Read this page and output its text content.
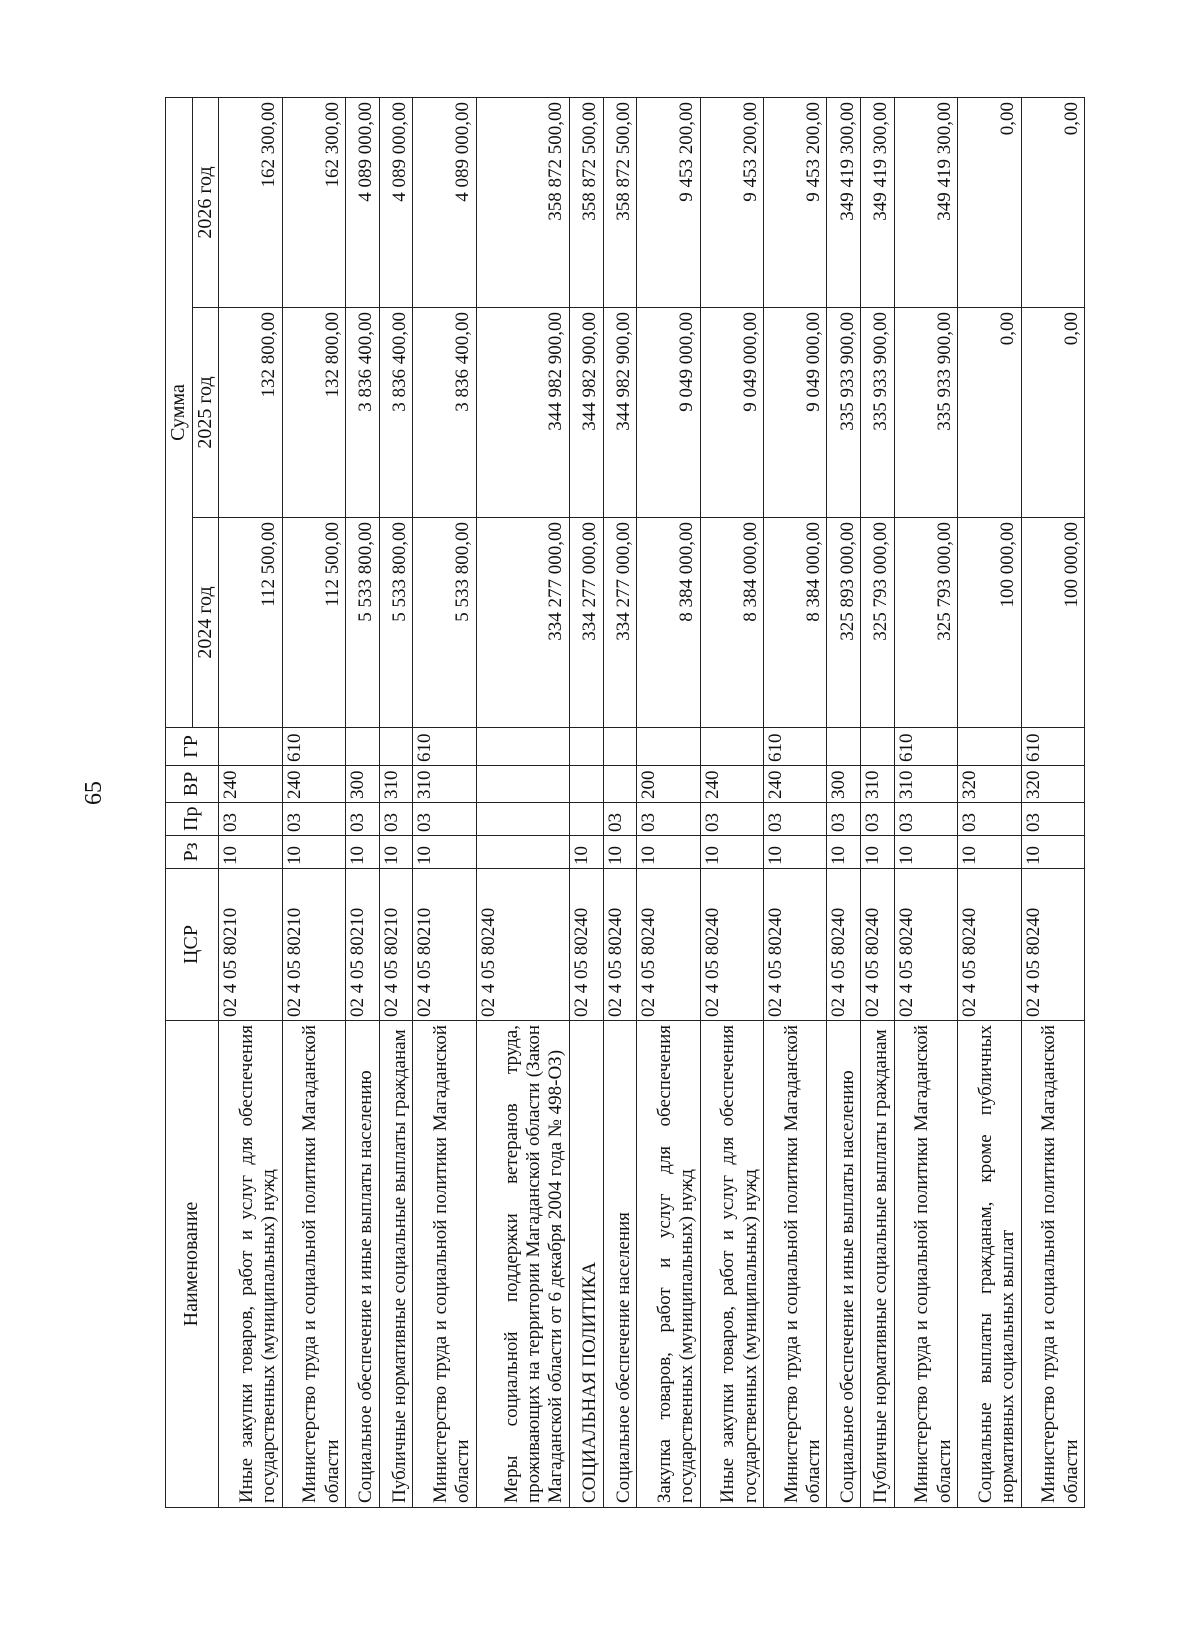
65
Наименование	ЦСР	Рз	Пр	ВР	ГР	Сумма		
						2024 год	2025 год	2026 год
Иные закупки товаров, работ и услуг для обеспечения государственных (муниципальных) нужд	02 4 05 80210	10	03	240		112 500,00	132 800,00	162 300,00
Министерство труда и социальной политики Магаданской области	02 4 05 80210	10	03	240	610	112 500,00	132 800,00	162 300,00
Социальное обеспечение и иные выплаты населению	02 4 05 80210	10	03	300		5 533 800,00	3 836 400,00	4 089 000,00
Публичные нормативные социальные выплаты гражданам	02 4 05 80210	10	03	310		5 533 800,00	3 836 400,00	4 089 000,00
Министерство труда и социальной политики Магаданской области	02 4 05 80210	10	03	310	610	5 533 800,00	3 836 400,00	4 089 000,00
Меры социальной поддержки ветеранов труда, проживающих на территории Магаданской области (Закон Магаданской области от 6 декабря 2004 года № 498-ОЗ)	02 4 05 80240					334 277 000,00	344 982 900,00	358 872 500,00
СОЦИАЛЬНАЯ ПОЛИТИКА	02 4 05 80240	10				334 277 000,00	344 982 900,00	358 872 500,00
Социальное обеспечение населения	02 4 05 80240	10	03			334 277 000,00	344 982 900,00	358 872 500,00
Закупка товаров, работ и услуг для обеспечения государственных (муниципальных) нужд	02 4 05 80240	10	03	200		8 384 000,00	9 049 000,00	9 453 200,00
Иные закупки товаров, работ и услуг для обеспечения государственных (муниципальных) нужд	02 4 05 80240	10	03	240		8 384 000,00	9 049 000,00	9 453 200,00
Министерство труда и социальной политики Магаданской области	02 4 05 80240	10	03	240	610	8 384 000,00	9 049 000,00	9 453 200,00
Социальное обеспечение и иные выплаты населению	02 4 05 80240	10	03	300		325 893 000,00	335 933 900,00	349 419 300,00
Публичные нормативные социальные выплаты гражданам	02 4 05 80240	10	03	310		325 793 000,00	335 933 900,00	349 419 300,00
Министерство труда и социальной политики Магаданской области	02 4 05 80240	10	03	310	610	325 793 000,00	335 933 900,00	349 419 300,00
Социальные выплаты гражданам, кроме публичных нормативных социальных выплат	02 4 05 80240	10	03	320		100 000,00	0,00	0,00
Министерство труда и социальной политики Магаданской области	02 4 05 80240	10	03	320	610	100 000,00	0,00	0,00
